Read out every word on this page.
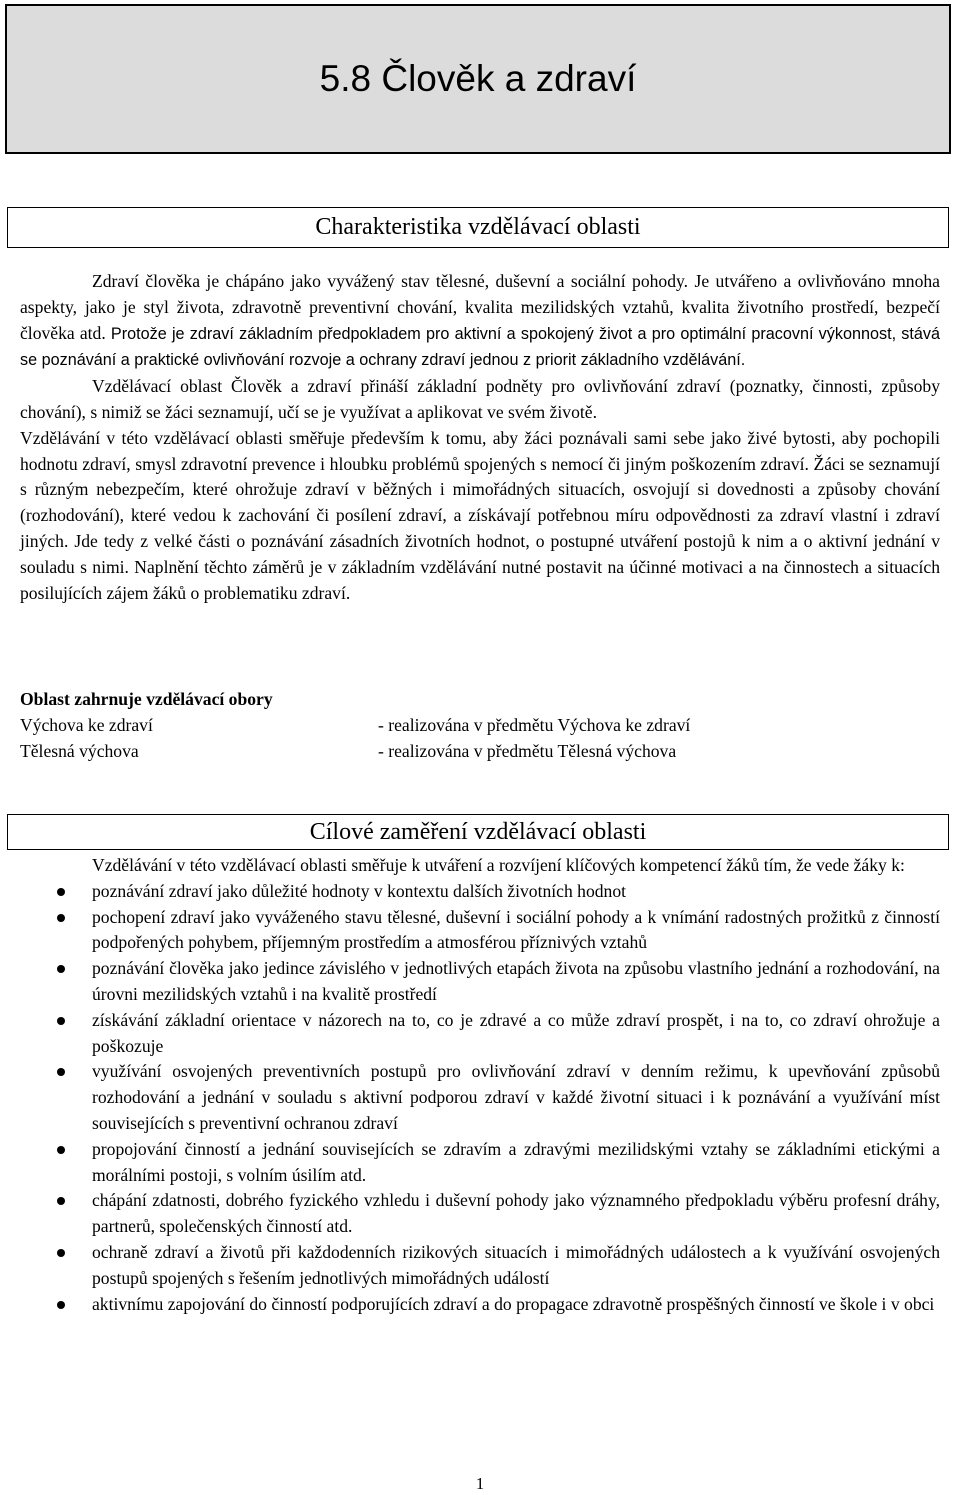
5.8 Člověk a zdraví
Charakteristika vzdělávací oblasti

Zdraví člověka je chápáno jako vyvážený stav tělesné, duševní a sociální pohody. Je utvářeno a ovlivňováno mnoha aspekty, jako je styl života, zdravotně preventivní chování, kvalita mezilidských vztahů, kvalita životního prostředí, bezpečí člověka atd. Protože je zdraví základním předpokladem pro aktivní a spokojený život a pro optimální pracovní výkonnost, stává se poznávání a praktické ovlivňování rozvoje a ochrany zdraví jednou z priorit základního vzdělávání.

Vzdělávací oblast Člověk a zdraví přináší základní podněty pro ovlivňování zdraví (poznatky, činnosti, způsoby chování), s nimiž se žáci seznamují, učí se je využívat a aplikovat ve svém životě.

Vzdělávání v této vzdělávací oblasti směřuje především k tomu, aby žáci poznávali sami sebe jako živé bytosti, aby pochopili hodnotu zdraví, smysl zdravotní prevence i hloubku problémů spojených s nemocí či jiným poškozením zdraví. Žáci se seznamují s různým nebezpečím, které ohrožuje zdraví v běžných i mimořádných situacích, osvojují si dovednosti a způsoby chování (rozhodování), které vedou k zachování či posílení zdraví, a získávají potřebnou míru odpovědnosti za zdraví vlastní i zdraví jiných. Jde tedy z velké části o poznávání zásadních životních hodnot, o postupné utváření postojů k nim a o aktivní jednání v souladu s nimi. Naplnění těchto záměrů je v základním vzdělávání nutné postavit na účinné motivaci a na činnostech a situacích posilujících zájem žáků o problematiku zdraví.

Oblast zahrnuje vzdělávací obory
Výchova ke zdraví	- realizována v předmětu Výchova ke zdraví
Tělesná výchova	- realizována v předmětu Tělesná výchova
Cílové zaměření vzdělávací oblasti

Vzdělávání v této vzdělávací oblasti směřuje k utváření a rozvíjení klíčových kompetencí žáků tím, že vede žáky k:

poznávání zdraví jako důležité hodnoty v kontextu dalších životních hodnot
pochopení zdraví jako vyváženého stavu tělesné, duševní i sociální pohody a k vnímání radostných prožitků z činností podpořených pohybem, příjemným prostředím a atmosférou příznivých vztahů
poznávání člověka jako jedince závislého v jednotlivých etapách života na způsobu vlastního jednání a rozhodování, na úrovni mezilidských vztahů i na kvalitě prostředí
získávání základní orientace v názorech na to, co je zdravé a co může zdraví prospět, i na to, co zdraví ohrožuje a poškozuje
využívání osvojených preventivních postupů pro ovlivňování zdraví v denním režimu, k upevňování způsobů rozhodování a jednání v souladu s aktivní podporou zdraví v každé životní situaci i k poznávání a využívání míst souvisejících s preventivní ochranou zdraví
propojování činností a jednání souvisejících se zdravím a zdravými mezilidskými vztahy se základními etickými a morálními postoji, s volním úsilím atd.
chápání zdatnosti, dobrého fyzického vzhledu i duševní pohody jako významného předpokladu výběru profesní dráhy, partnerů, společenských činností atd.
ochraně zdraví a životů při každodenních rizikových situacích i mimořádných událostech a k využívání osvojených postupů spojených s řešením jednotlivých mimořádných událostí
aktivnímu zapojování do činností podporujících zdraví a do propagace zdravotně prospěšných činností ve škole i v obci
1
